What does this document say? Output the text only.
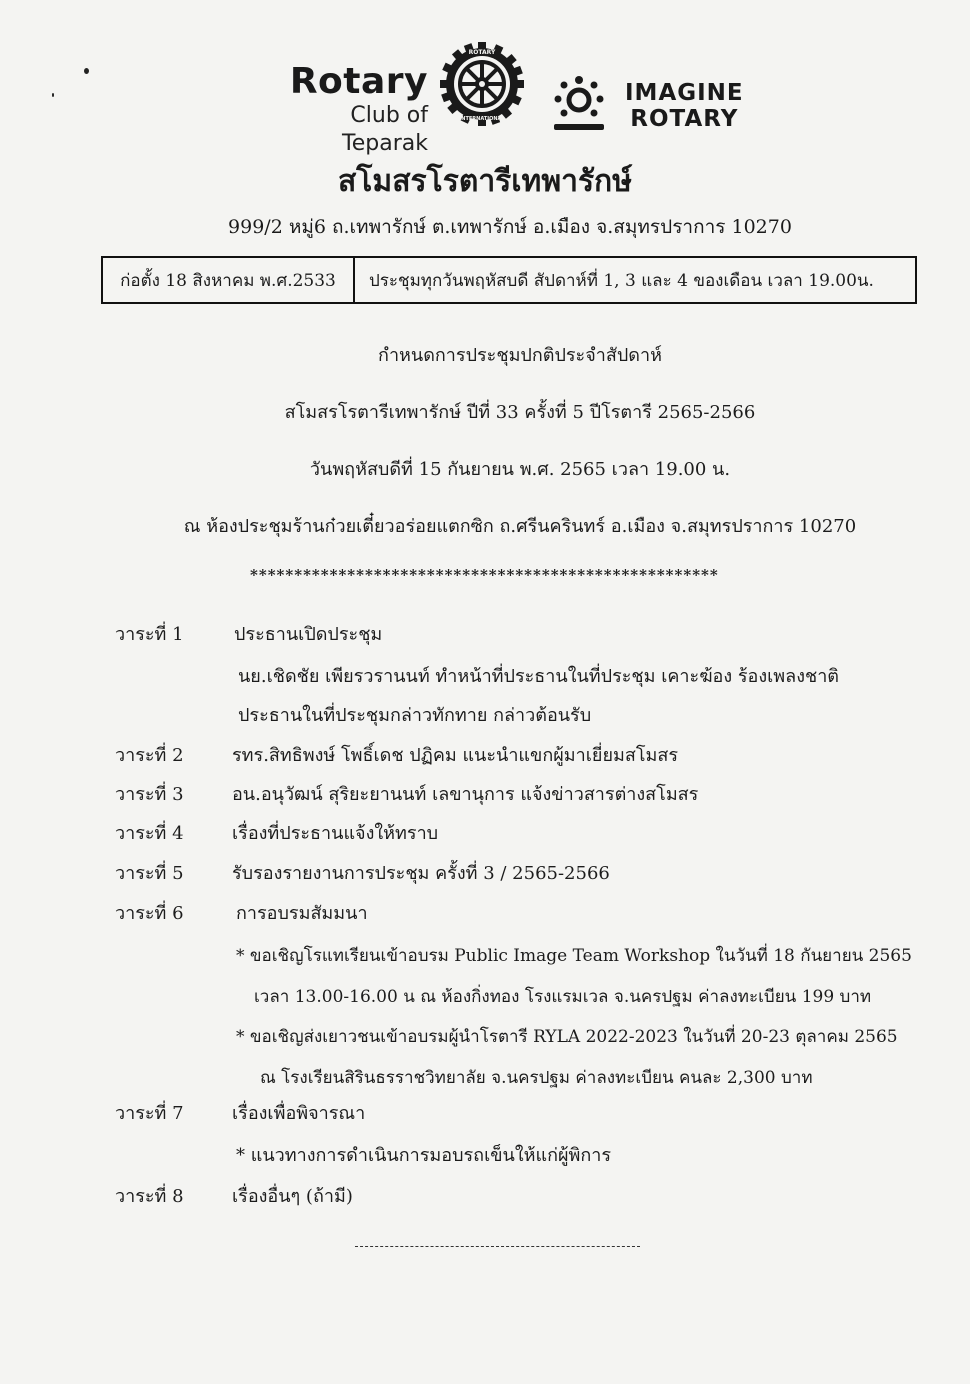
Rotary
Club of Teparak
ROTARY
INTERNATIONAL
IMAGINE
ROTARY
สโมสรโรตารีเทพารักษ์
999/2 หมู่6 ถ.เทพารักษ์ ต.เทพารักษ์ อ.เมือง จ.สมุทรปราการ 10270
ก่อตั้ง 18 สิงหาคม พ.ศ.2533	ประชุมทุกวันพฤหัสบดี สัปดาห์ที่ 1, 3 และ 4 ของเดือน เวลา 19.00น.
กำหนดการประชุมปกติประจำสัปดาห์
สโมสรโรตารีเทพารักษ์ ปีที่ 33 ครั้งที่ 5 ปีโรตารี 2565-2566
วันพฤหัสบดีที่ 15 กันยายน พ.ศ. 2565 เวลา 19.00 น.
ณ ห้องประชุมร้านก๋วยเตี๋ยวอร่อยแตกซิก ถ.ศรีนครินทร์ อ.เมือง จ.สมุทรปราการ 10270
*****************************************************
วาระที่ 1	ประธานเปิดประชุม
นย.เชิดชัย เพียรวรานนท์ ทำหน้าที่ประธานในที่ประชุม เคาะฆ้อง ร้องเพลงชาติ
ประธานในที่ประชุมกล่าวทักทาย กล่าวต้อนรับ
วาระที่ 2	รทร.สิทธิพงษ์ โพธิ์เดช ปฏิคม แนะนำแขกผู้มาเยี่ยมสโมสร
วาระที่ 3	อน.อนุวัฒน์ สุริยะยานนท์ เลขานุการ แจ้งข่าวสารต่างสโมสร
วาระที่ 4	เรื่องที่ประธานแจ้งให้ทราบ
วาระที่ 5	รับรองรายงานการประชุม ครั้งที่ 3 / 2565-2566
วาระที่ 6	การอบรมสัมมนา
* ขอเชิญโรแทเรียนเข้าอบรม Public Image Team Workshop ในวันที่ 18 กันยายน 2565
เวลา 13.00-16.00 น ณ ห้องกิ่งทอง โรงแรมเวล จ.นครปฐม ค่าลงทะเบียน 199 บาท
* ขอเชิญส่งเยาวชนเข้าอบรมผู้นำโรตารี RYLA 2022-2023 ในวันที่ 20-23 ตุลาคม 2565
ณ โรงเรียนสิรินธรราชวิทยาลัย จ.นครปฐม ค่าลงทะเบียน คนละ 2,300 บาท
วาระที่ 7	เรื่องเพื่อพิจารณา
* แนวทางการดำเนินการมอบรถเข็นให้แก่ผู้พิการ
วาระที่ 8	เรื่องอื่นๆ (ถ้ามี)
